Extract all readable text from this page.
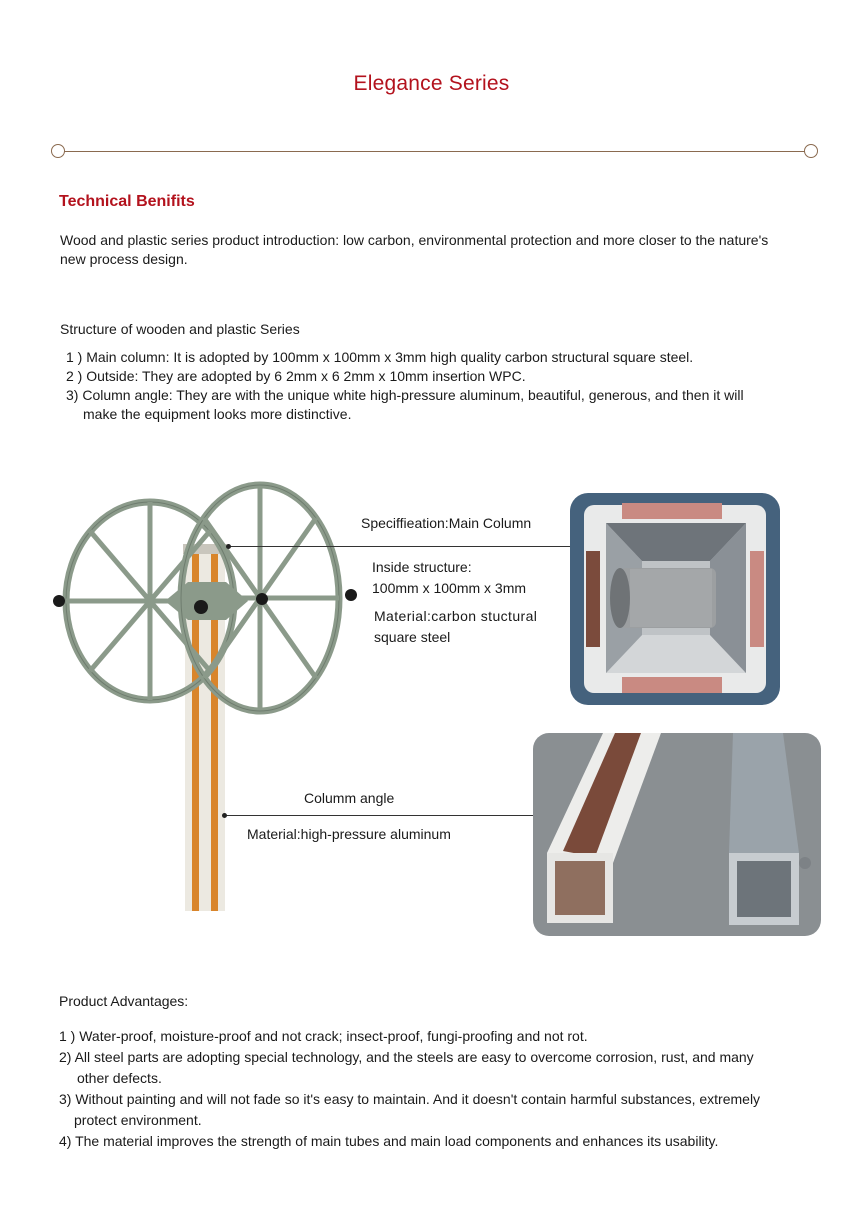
Elegance Series
Technical Benifits
Wood and plastic series product introduction: low carbon, environmental protection and more closer to the nature's
new process design.
Structure of wooden and plastic Series
1 ) Main column: It is adopted by 100mm x 100mm x 3mm high quality carbon structural square steel.
2 ) Outside: They are adopted by 6 2mm x 6 2mm x 10mm insertion WPC.
3) Column angle: They are with the unique white high-pressure aluminum, beautiful, generous, and then it will
make the equipment looks more distinctive.
Speciffieation:Main Column
Inside structure:
100mm x 100mm x 3mm
Material:carbon stuctural
square steel
Columm angle
Material:high-pressure aluminum
Product Advantages:
1 ) Water-proof, moisture-proof and not crack; insect-proof, fungi-proofing and not rot.
2) All steel parts are adopting special technology, and the steels are easy to overcome corrosion, rust, and many
other defects.
3) Without painting and will not fade so it's easy to maintain. And it doesn't contain harmful substances, extremely
protect environment.
4) The material improves the strength of main tubes and main load components and enhances its usability.
